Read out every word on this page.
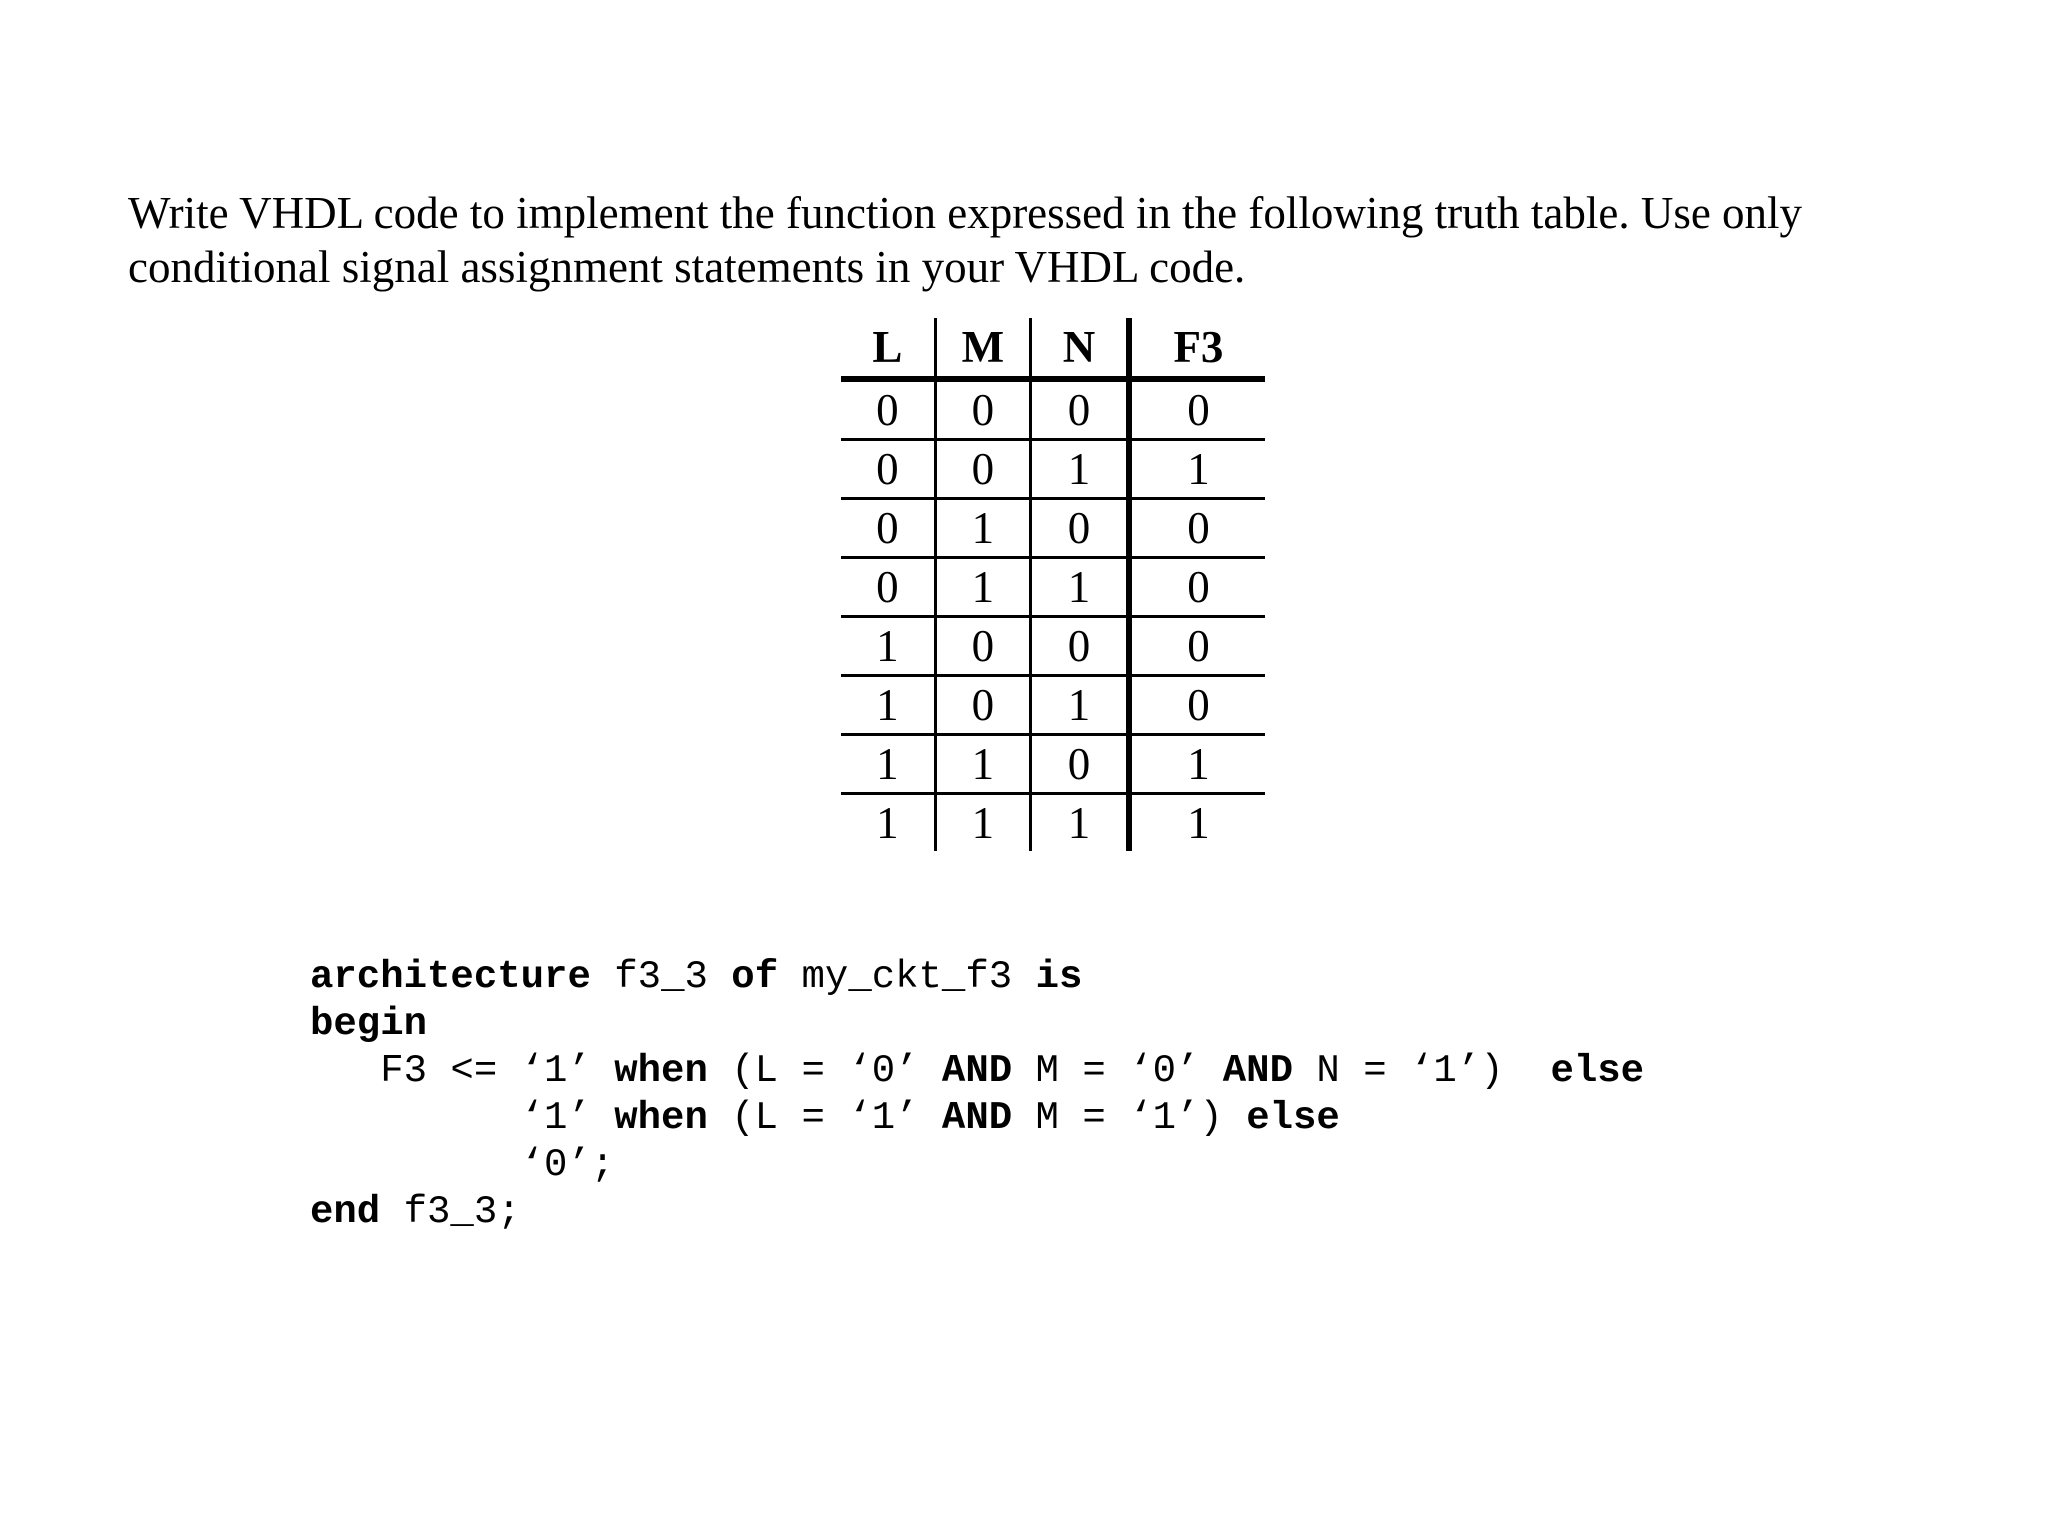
Write VHDL code to implement the function expressed in the following truth table. Use only

conditional signal assignment statements in your VHDL code.

L	M	N	F3
0	0	0	0
0	0	1	1
0	1	0	0
0	1	1	0
1	0	0	0
1	0	1	0
1	1	0	1
1	1	1	1
architecture f3_3 of my_ckt_f3 is
begin
F3 <= ‘1’ when (L = ‘0’ AND M = ‘0’ AND N = ‘1’)  else
‘1’ when (L = ‘1’ AND M = ‘1’) else
‘0’;
end f3_3;
